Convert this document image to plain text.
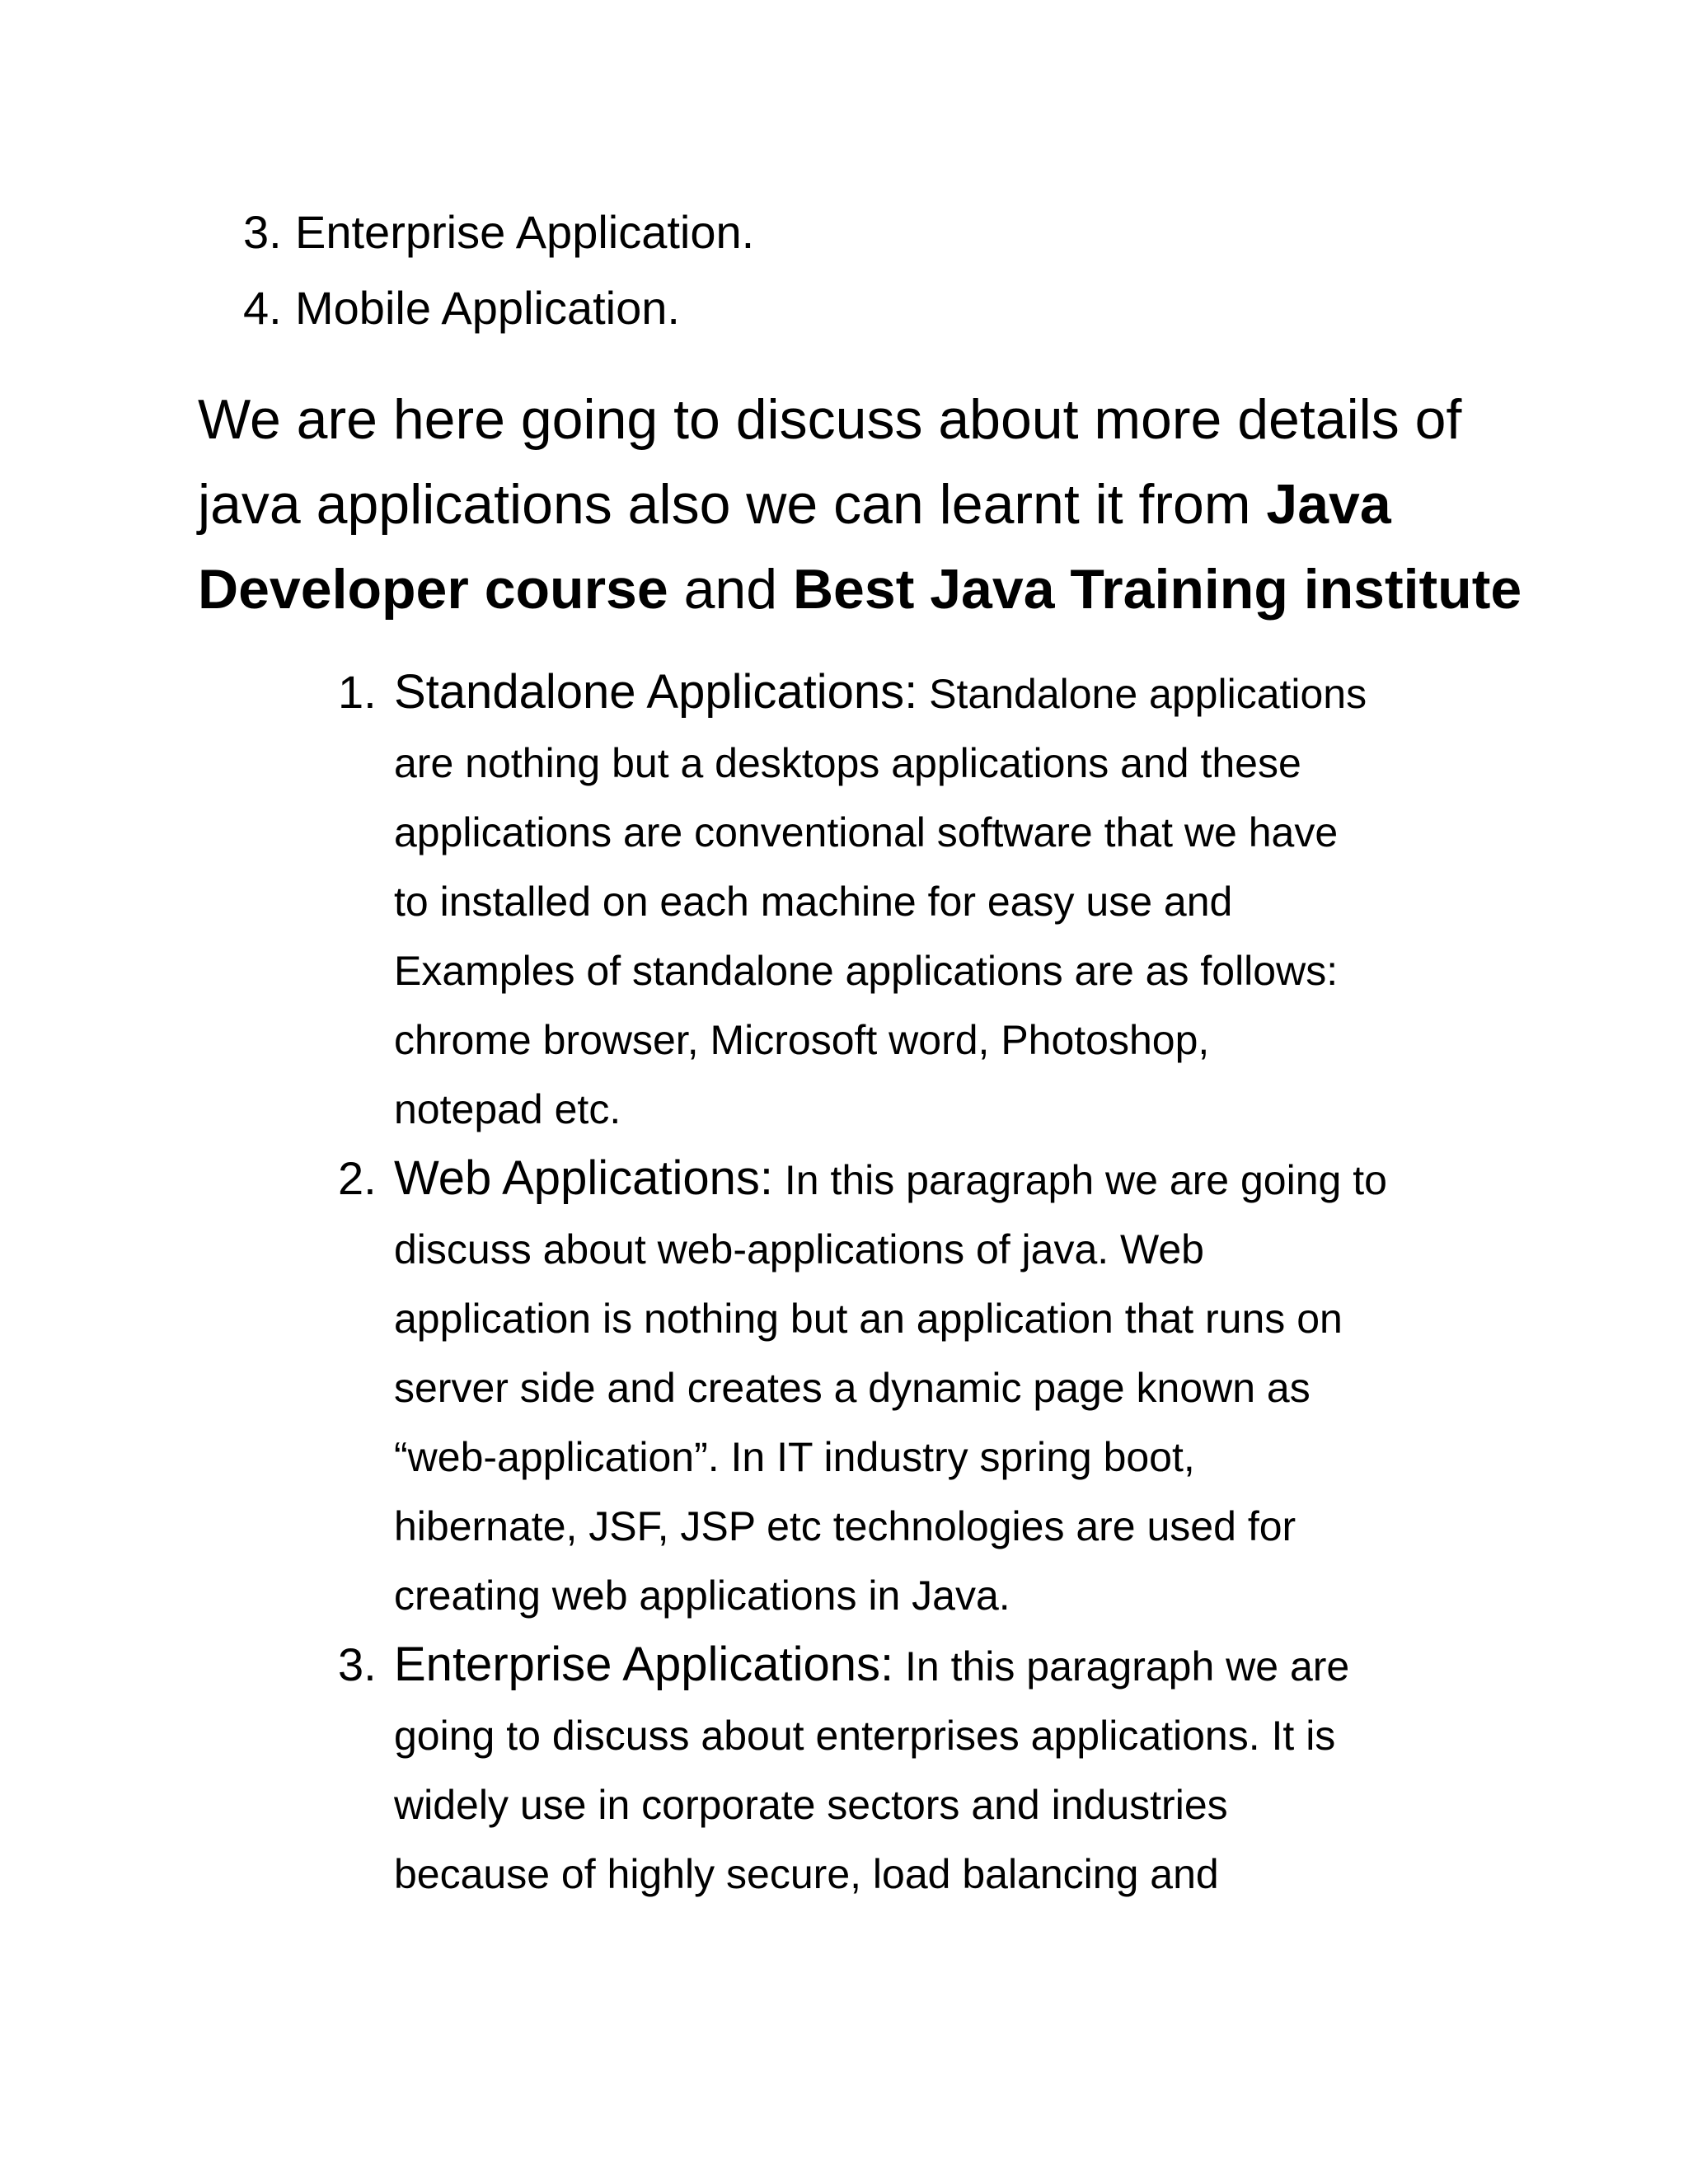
3. Enterprise Application.
4. Mobile Application.

We are here going to discuss about more details of
java applications also we can learnt it from Java
Developer course and Best Java Training institute

1. Standalone Applications: Standalone applications
are nothing but a desktops applications and these
applications are conventional software that we have
to installed on each machine for easy use and
Examples of standalone applications are as follows:
chrome browser, Microsoft word, Photoshop,
notepad etc.
2. Web Applications: In this paragraph we are going to
discuss about web-applications of java. Web
application is nothing but an application that runs on
server side and creates a dynamic page known as
“web-application”. In IT industry spring boot,
hibernate, JSF, JSP etc technologies are used for
creating web applications in Java.
3. Enterprise Applications: In this paragraph we are
going to discuss about enterprises applications. It is
widely use in corporate sectors and industries
because of highly secure, load balancing and
